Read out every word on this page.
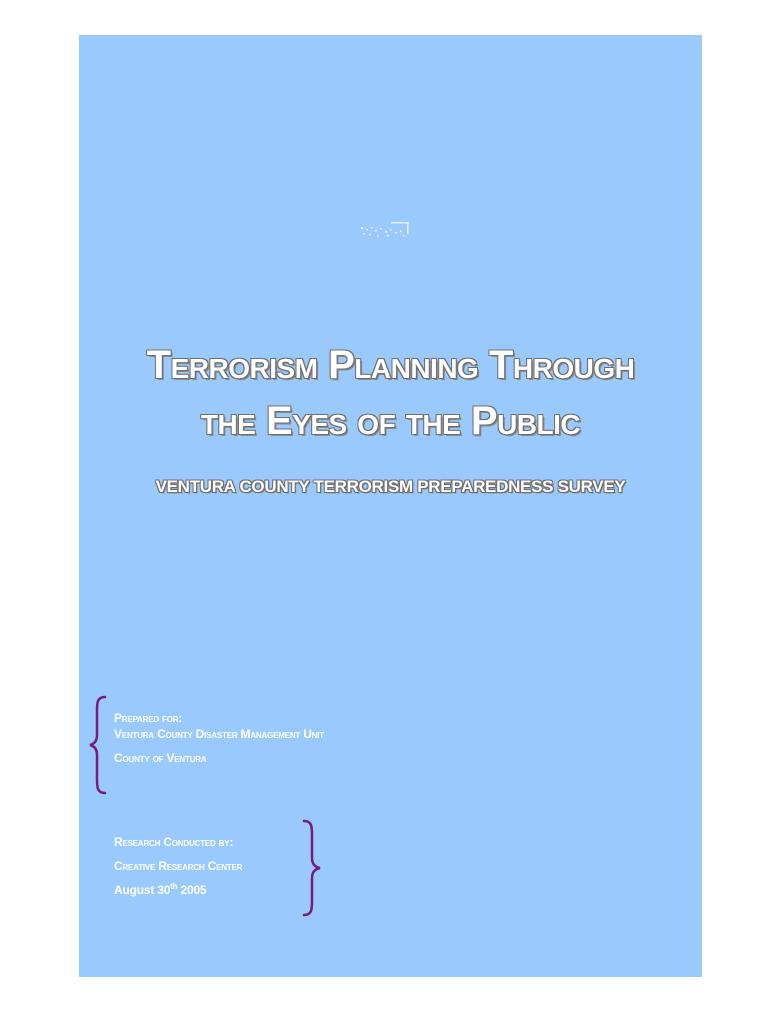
Terrorism Planning Through
the Eyes of the Public
VENTURA COUNTY TERRORISM PREPAREDNESS SURVEY
Prepared for:
Ventura County Disaster Management Unit
County of Ventura
Research Conducted by:
Creative Research Center
August 30th 2005
